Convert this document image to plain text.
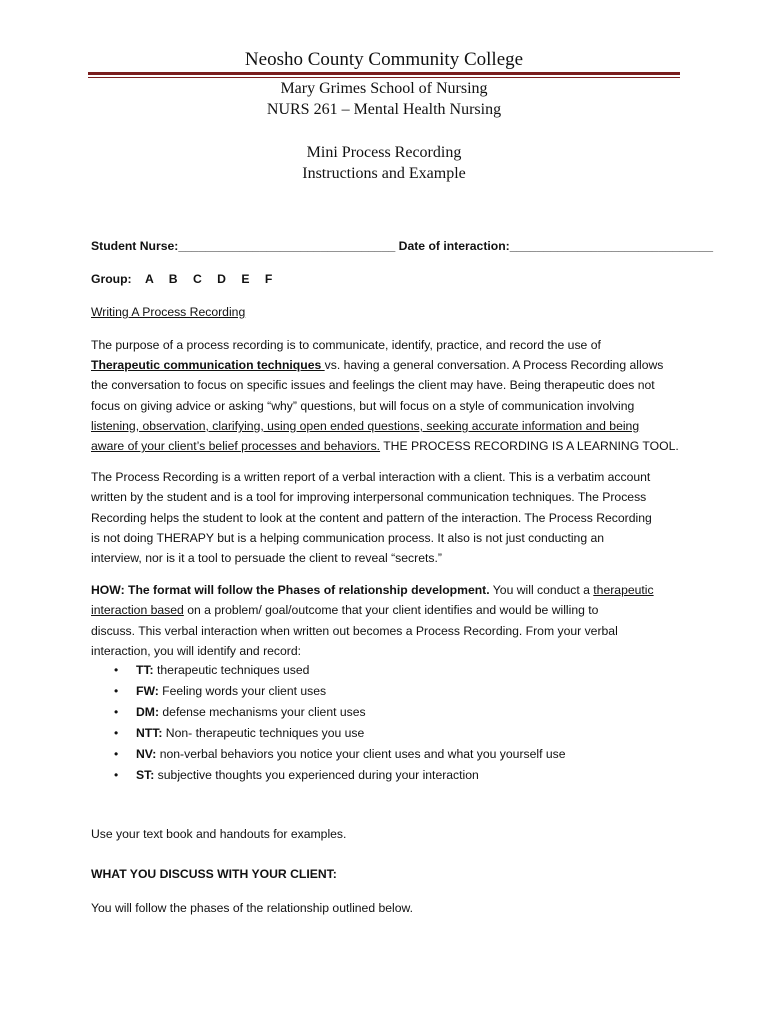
Neosho County Community College
Mary Grimes School of Nursing
NURS 261 – Mental Health Nursing
Mini Process Recording
Instructions and Example
Student Nurse:________________________________ Date of interaction:______________________________
Group: A B C D E F
Writing A Process Recording
The purpose of a process recording is to communicate, identify, practice, and record the use of
Therapeutic communication techniques vs. having a general conversation. A Process Recording allows
the conversation to focus on specific issues and feelings the client may have. Being therapeutic does not
focus on giving advice or asking “why” questions, but will focus on a style of communication involving
listening, observation, clarifying, using open ended questions, seeking accurate information and being
aware of your client’s belief processes and behaviors. THE PROCESS RECORDING IS A LEARNING TOOL.
The Process Recording is a written report of a verbal interaction with a client. This is a verbatim account
written by the student and is a tool for improving interpersonal communication techniques. The Process
Recording helps the student to look at the content and pattern of the interaction. The Process Recording
is not doing THERAPY but is a helping communication process. It also is not just conducting an
interview, nor is it a tool to persuade the client to reveal “secrets.”
HOW: The format will follow the Phases of relationship development. You will conduct a therapeutic
interaction based on a problem/ goal/outcome that your client identifies and would be willing to
discuss. This verbal interaction when written out becomes a Process Recording. From your verbal
interaction, you will identify and record:
• TT: therapeutic techniques used
• FW: Feeling words your client uses
• DM: defense mechanisms your client uses
• NTT: Non- therapeutic techniques you use
• NV: non-verbal behaviors you notice your client uses and what you yourself use
• ST: subjective thoughts you experienced during your interaction
Use your text book and handouts for examples.
WHAT YOU DISCUSS WITH YOUR CLIENT:
You will follow the phases of the relationship outlined below.
